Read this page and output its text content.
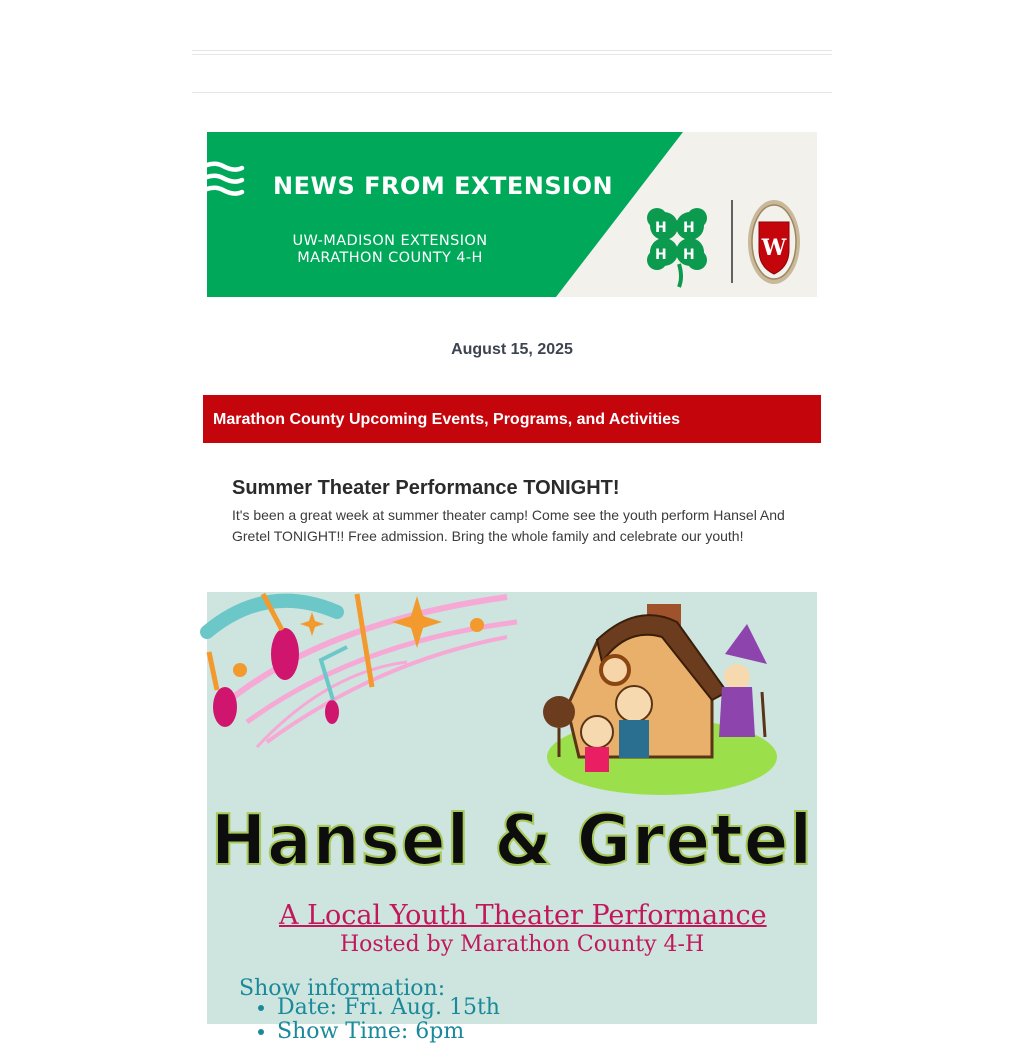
H H
H H	W
NEWS FROM EXTENSION
UW-MADISON EXTENSION
MARATHON COUNTY 4-H
August 15, 2025
Marathon County Upcoming Events, Programs, and Activities
Summer Theater Performance TONIGHT!
It's been a great week at summer theater camp! Come see the youth perform Hansel And Gretel TONIGHT!! Free admission. Bring the whole family and celebrate our youth!
Hansel & Gretel
A Local Youth Theater Performance
Hosted by Marathon County 4-H
Show information:
• Date: Fri. Aug. 15th
• Show Time: 6pm
